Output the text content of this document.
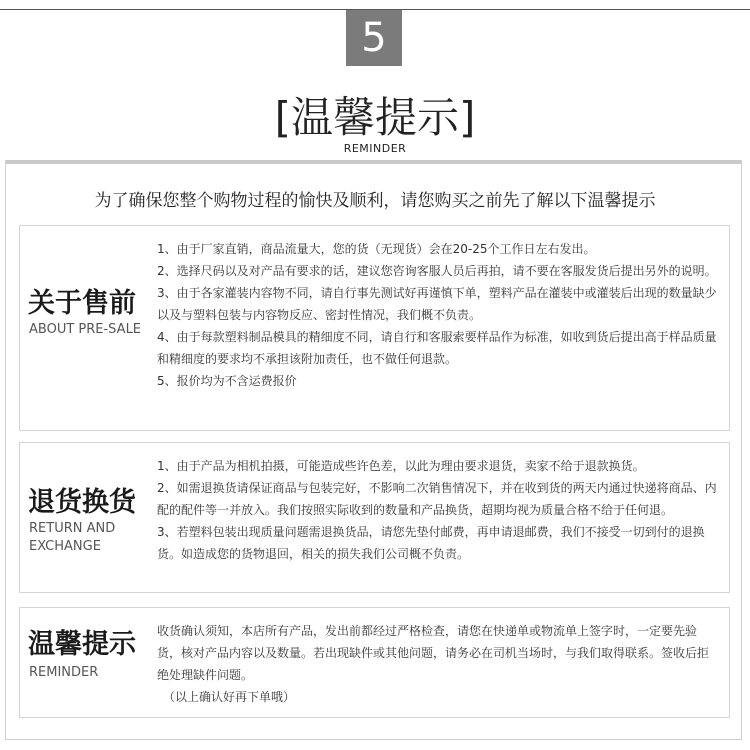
5
[温馨提示]
REMINDER
为了确保您整个购物过程的愉快及顺利，请您购买之前先了解以下温馨提示
关于售前
ABOUT PRE-SALE

1、由于厂家直销，商品流量大，您的货（无现货）会在20-25个工作日左右发出。

2、选择尺码以及对产品有要求的话，建议您咨询客服人员后再拍，请不要在客服发货后提出另外的说明。

3、由于各家灌装内容物不同，请自行事先测试好再谨慎下单，塑料产品在灌装中或灌装后出现的数量缺少以及与塑料包装与内容物反应、密封性情况，我们概不负责。

4、由于每款塑料制品模具的精细度不同，请自行和客服索要样品作为标准，如收到货后提出高于样品质量和精细度的要求均不承担该附加责任，也不做任何退款。

5、报价均为不含运费报价

退货换货
RETURN AND
EXCHANGE

1、由于产品为相机拍摄，可能造成些许色差，以此为理由要求退货，卖家不给于退款换货。

2、如需退换货请保证商品与包装完好，不影响二次销售情况下，并在收到货的两天内通过快递将商品、内配的配件等一并放入。我们按照实际收到的数量和产品换货，超期均视为质量合格不给于任何退。

3、若塑料包装出现质量问题需退换货品，请您先垫付邮费，再申请退邮费，我们不接受一切到付的退换货。如造成您的货物退回，相关的损失我们公司概不负责。

温馨提示
REMINDER

收货确认须知，本店所有产品，发出前都经过严格检查，请您在快递单或物流单上签字时，一定要先验货，核对产品内容以及数量。若出现缺件或其他问题，请务必在司机当场时，与我们取得联系。签收后拒绝处理缺件问题。

（以上确认好再下单哦）
